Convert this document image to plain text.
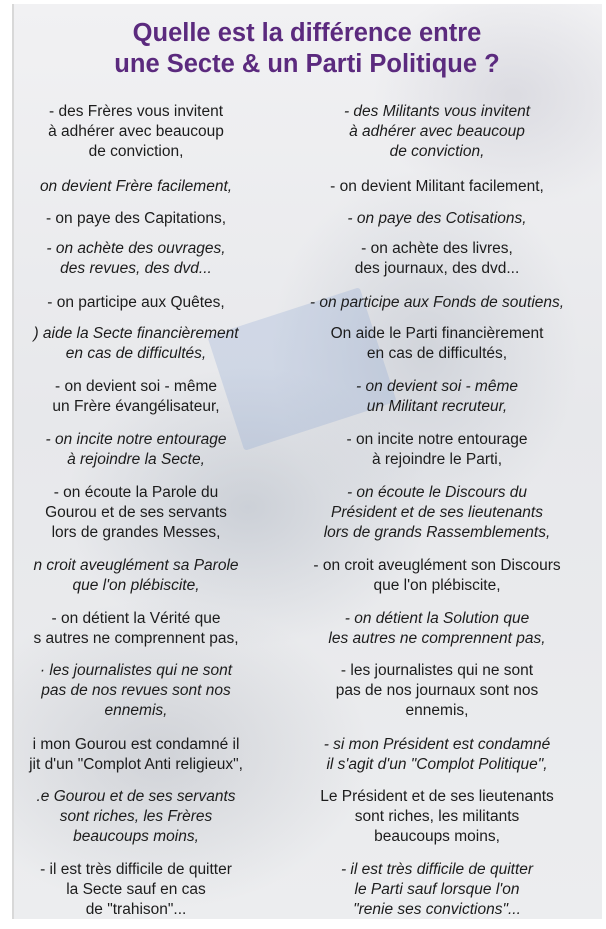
Quelle est la différence entre
une Secte & un Parti Politique ?
- des Frères vous invitent
à adhérer avec beaucoup
de conviction,
on devient Frère facilement,
- on paye des Capitations,
- on achète des ouvrages,
des revues, des dvd...
- on participe aux Quêtes,
) aide la Secte financièrement
en cas de difficultés,
- on devient soi - même
un Frère évangélisateur,
- on incite notre entourage
à rejoindre la Secte,
- on écoute la Parole du
Gourou et de ses servants
lors de grandes Messes,
n croit aveuglément sa Parole
que l'on plébiscite,
- on détient la Vérité que
s autres ne comprennent pas,
· les journalistes qui ne sont
pas de nos revues sont nos
ennemis,
i mon Gourou est condamné il
jit d'un "Complot Anti religieux",
.e Gourou et de ses servants
sont riches, les Frères
beaucoups moins,
- il est très difficile de quitter
la Secte sauf en cas
de "trahison"...
- des Militants vous invitent
à adhérer avec beaucoup
de conviction,
- on devient Militant facilement,
- on paye des Cotisations,
- on achète des livres,
des journaux, des dvd...
- on participe aux Fonds de soutiens,
On aide le Parti financièrement
en cas de difficultés,
- on devient soi - même
un Militant recruteur,
- on incite notre entourage
à rejoindre le Parti,
- on écoute le Discours du
Président et de ses lieutenants
lors de grands Rassemblements,
- on croit aveuglément son Discours
que l'on plébiscite,
- on détient la Solution que
les autres ne comprennent pas,
- les journalistes qui ne sont
pas de nos journaux sont nos
ennemis,
- si mon Président est condamné
il s'agit d'un "Complot Politique",
Le Président et de ses lieutenants
sont riches, les militants
beaucoups moins,
- il est très difficile de quitter
le Parti sauf lorsque l'on
"renie ses convictions"...
